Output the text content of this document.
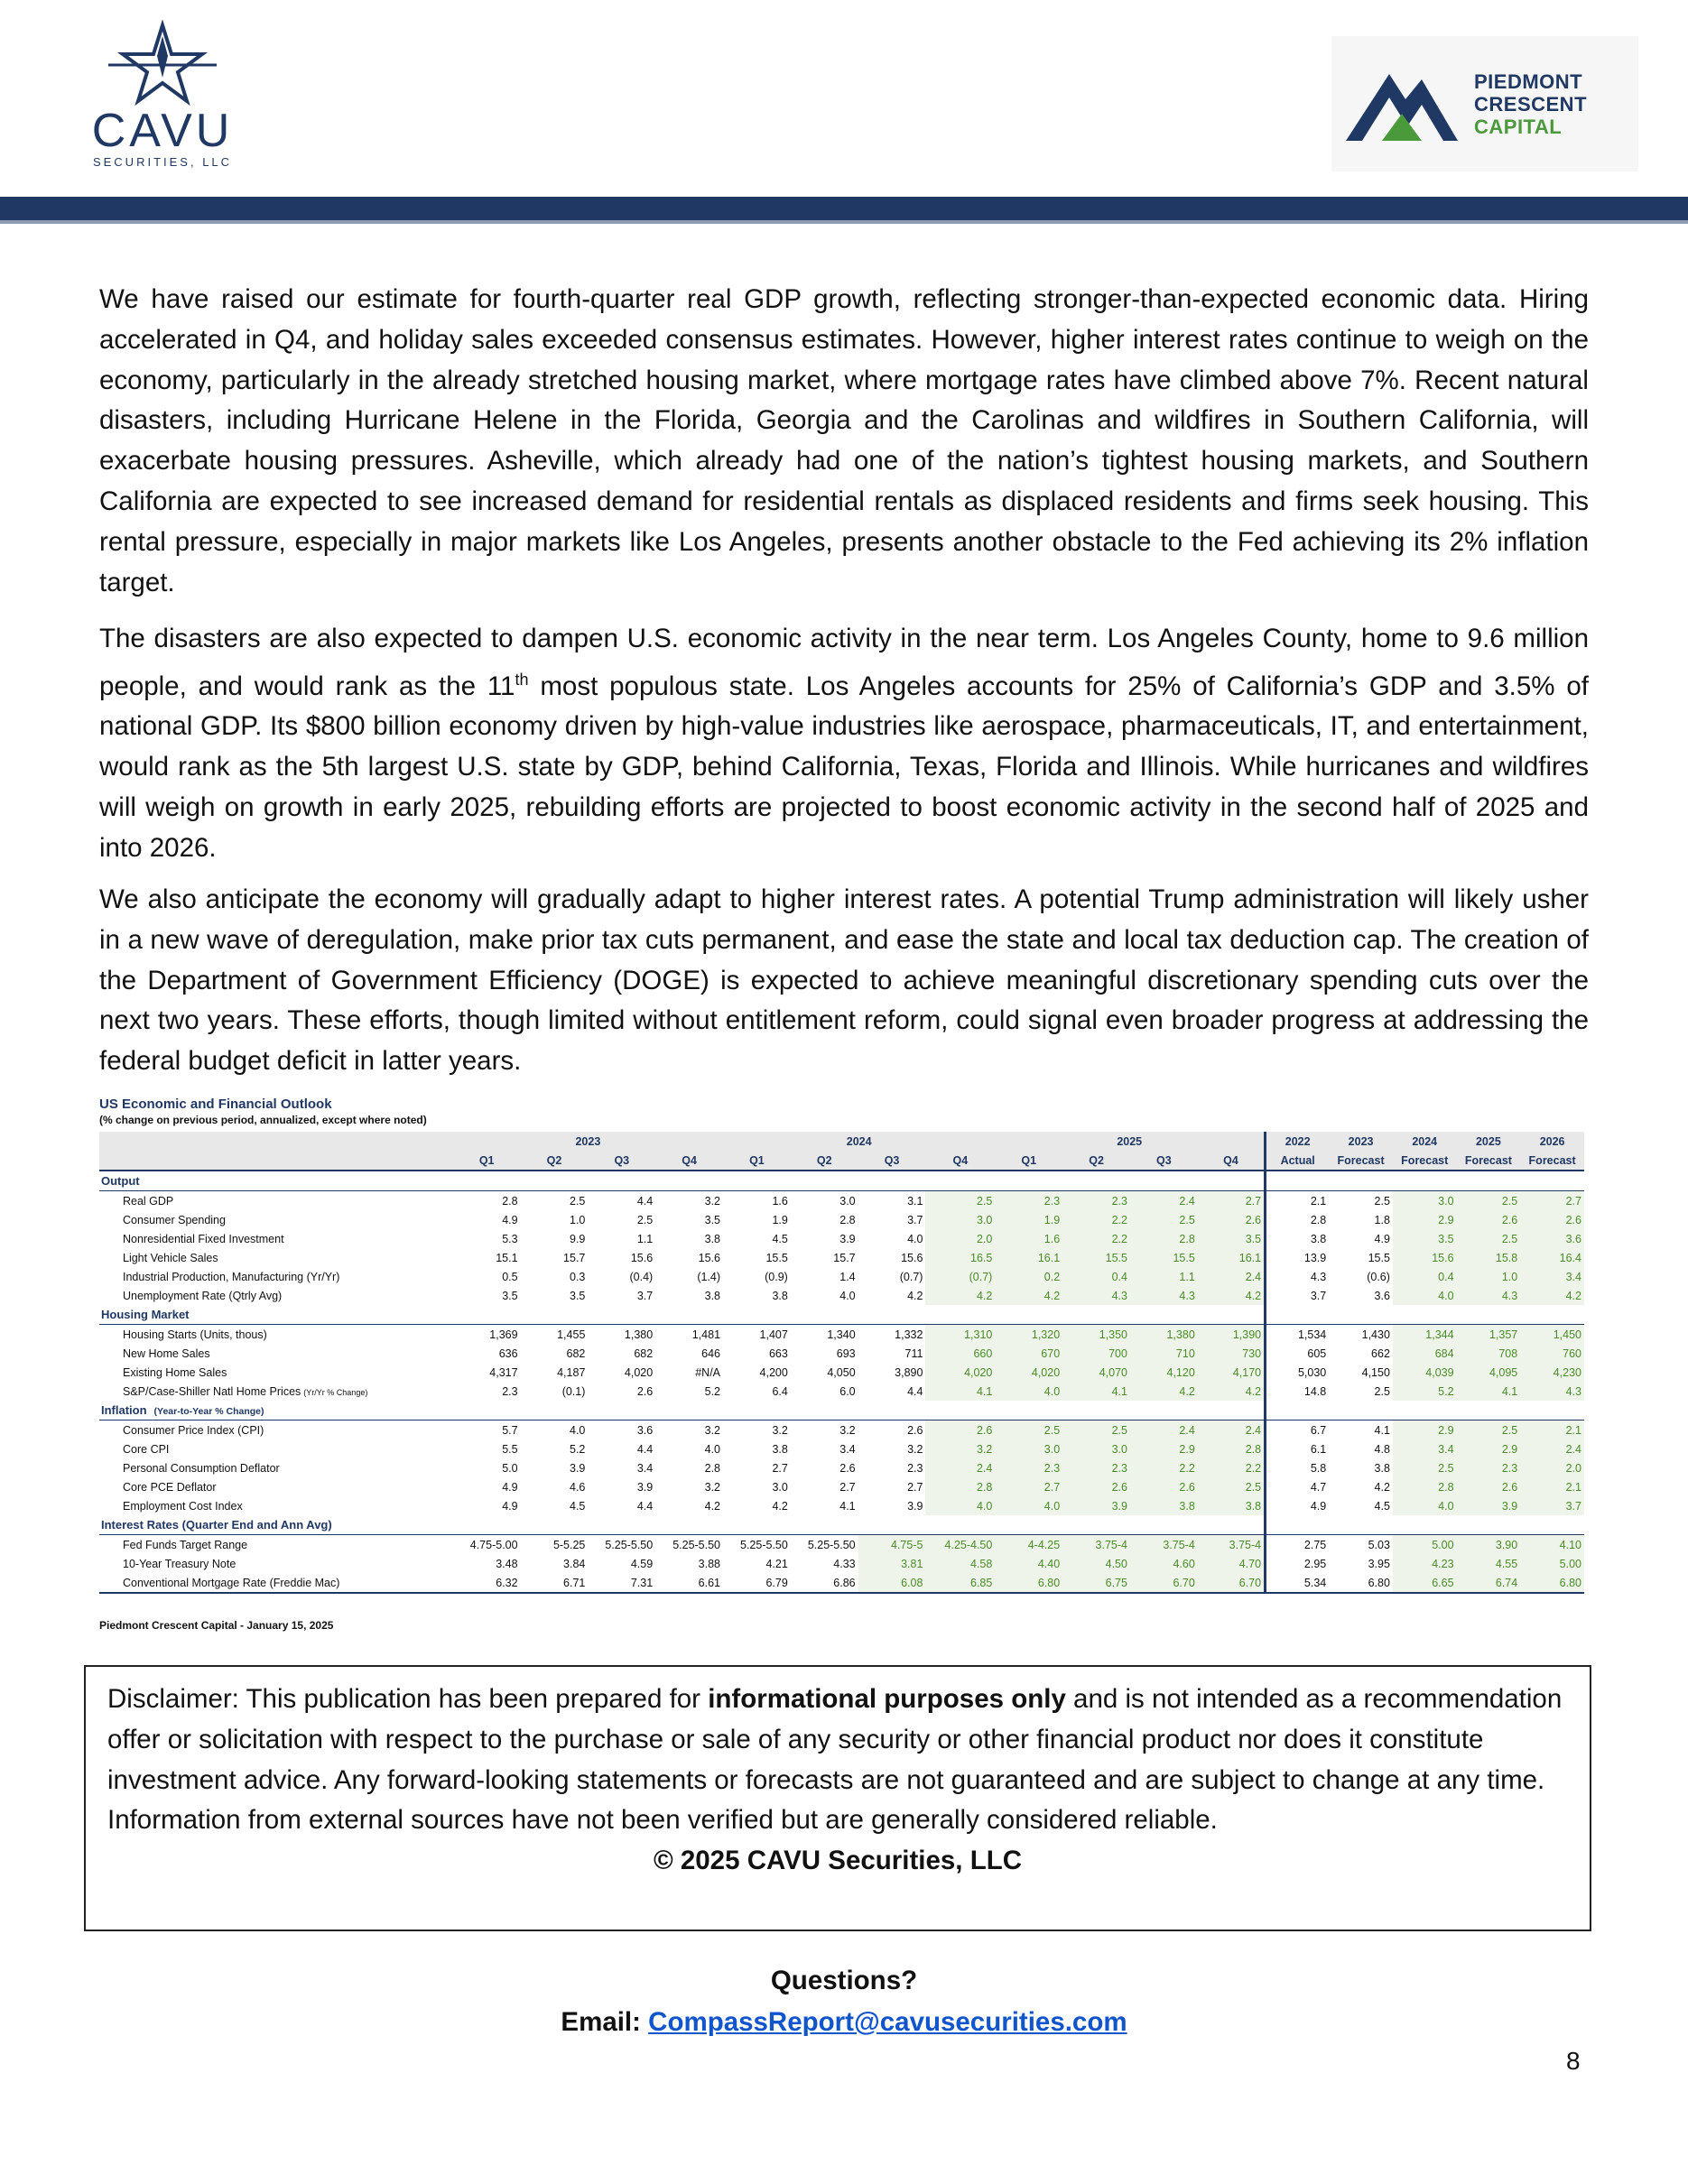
CAVU
SECURITIES, LLC
PIEDMONT
CRESCENT
CAPITAL

We have raised our estimate for fourth-quarter real GDP growth, reflecting stronger-than-expected economic data. Hiring accelerated in Q4, and holiday sales exceeded consensus estimates. However, higher interest rates continue to weigh on the economy, particularly in the already stretched housing market, where mortgage rates have climbed above 7%. Recent natural disasters, including Hurricane Helene in the Florida, Georgia and the Carolinas and wildfires in Southern California, will exacerbate housing pressures. Asheville, which already had one of the nation’s tightest housing markets, and Southern California are expected to see increased demand for residential rentals as displaced residents and firms seek housing. This rental pressure, especially in major markets like Los Angeles, presents another obstacle to the Fed achieving its 2% inflation target.

The disasters are also expected to dampen U.S. economic activity in the near term. Los Angeles County, home to 9.6 million people, and would rank as the 11th most populous state. Los Angeles accounts for 25% of California’s GDP and 3.5% of national GDP. Its $800 billion economy driven by high-value industries like aerospace, pharmaceuticals, IT, and entertainment, would rank as the 5th largest U.S. state by GDP, behind California, Texas, Florida and Illinois. While hurricanes and wildfires will weigh on growth in early 2025, rebuilding efforts are projected to boost economic activity in the second half of 2025 and into 2026.

We also anticipate the economy will gradually adapt to higher interest rates. A potential Trump administration will likely usher in a new wave of deregulation, make prior tax cuts permanent, and ease the state and local tax deduction cap. The creation of the Department of Government Efficiency (DOGE) is expected to achieve meaningful discretionary spending cuts over the next two years. These efforts, though limited without entitlement reform, could signal even broader progress at addressing the federal budget deficit in latter years.

US Economic and Financial Outlook
(% change on previous period, annualized, except where noted)
	2023				2024				2025				2022	2023	2024	2025	2026
	Q1	Q2	Q3	Q4	Q1	Q2	Q3	Q4	Q1	Q2	Q3	Q4	Actual	Forecast	Forecast	Forecast	Forecast
Output																	
Real GDP	2.8	2.5	4.4	3.2	1.6	3.0	3.1	2.5	2.3	2.3	2.4	2.7	2.1	2.5	3.0	2.5	2.7
Consumer Spending	4.9	1.0	2.5	3.5	1.9	2.8	3.7	3.0	1.9	2.2	2.5	2.6	2.8	1.8	2.9	2.6	2.6
Nonresidential Fixed Investment	5.3	9.9	1.1	3.8	4.5	3.9	4.0	2.0	1.6	2.2	2.8	3.5	3.8	4.9	3.5	2.5	3.6
Light Vehicle Sales	15.1	15.7	15.6	15.6	15.5	15.7	15.6	16.5	16.1	15.5	15.5	16.1	13.9	15.5	15.6	15.8	16.4
Industrial Production, Manufacturing (Yr/Yr)	0.5	0.3	(0.4)	(1.4)	(0.9)	1.4	(0.7)	(0.7)	0.2	0.4	1.1	2.4	4.3	(0.6)	0.4	1.0	3.4
Unemployment Rate (Qtrly Avg)	3.5	3.5	3.7	3.8	3.8	4.0	4.2	4.2	4.2	4.3	4.3	4.2	3.7	3.6	4.0	4.3	4.2
Housing Market																	
Housing Starts (Units, thous)	1,369	1,455	1,380	1,481	1,407	1,340	1,332	1,310	1,320	1,350	1,380	1,390	1,534	1,430	1,344	1,357	1,450
New Home Sales	636	682	682	646	663	693	711	660	670	700	710	730	605	662	684	708	760
Existing Home Sales	4,317	4,187	4,020	#N/A	4,200	4,050	3,890	4,020	4,020	4,070	4,120	4,170	5,030	4,150	4,039	4,095	4,230
S&P/Case-Shiller Natl Home Prices (Yr/Yr % Change)	2.3	(0.1)	2.6	5.2	6.4	6.0	4.4	4.1	4.0	4.1	4.2	4.2	14.8	2.5	5.2	4.1	4.3
Inflation (Year-to-Year % Change)																	
Consumer Price Index (CPI)	5.7	4.0	3.6	3.2	3.2	3.2	2.6	2.6	2.5	2.5	2.4	2.4	6.7	4.1	2.9	2.5	2.1
Core CPI	5.5	5.2	4.4	4.0	3.8	3.4	3.2	3.2	3.0	3.0	2.9	2.8	6.1	4.8	3.4	2.9	2.4
Personal Consumption Deflator	5.0	3.9	3.4	2.8	2.7	2.6	2.3	2.4	2.3	2.3	2.2	2.2	5.8	3.8	2.5	2.3	2.0
Core PCE Deflator	4.9	4.6	3.9	3.2	3.0	2.7	2.7	2.8	2.7	2.6	2.6	2.5	4.7	4.2	2.8	2.6	2.1
Employment Cost Index	4.9	4.5	4.4	4.2	4.2	4.1	3.9	4.0	4.0	3.9	3.8	3.8	4.9	4.5	4.0	3.9	3.7
Interest Rates (Quarter End and Ann Avg)																	
Fed Funds Target Range	4.75-5.00	5-5.25	5.25-5.50	5.25-5.50	5.25-5.50	5.25-5.50	4.75-5	4.25-4.50	4-4.25	3.75-4	3.75-4	3.75-4	2.75	5.03	5.00	3.90	4.10
10-Year Treasury Note	3.48	3.84	4.59	3.88	4.21	4.33	3.81	4.58	4.40	4.50	4.60	4.70	2.95	3.95	4.23	4.55	5.00
Conventional Mortgage Rate (Freddie Mac)	6.32	6.71	7.31	6.61	6.79	6.86	6.08	6.85	6.80	6.75	6.70	6.70	5.34	6.80	6.65	6.74	6.80
Piedmont Crescent Capital - January 15, 2025
Disclaimer: This publication has been prepared for informational purposes only and is not intended as a recommendation offer or solicitation with respect to the purchase or sale of any security or other financial product nor does it constitute investment advice. Any forward-looking statements or forecasts are not guaranteed and are subject to change at any time. Information from external sources have not been verified but are generally considered reliable.
© 2025 CAVU Securities, LLC
Questions?
Email: CompassReport@cavusecurities.com
8
